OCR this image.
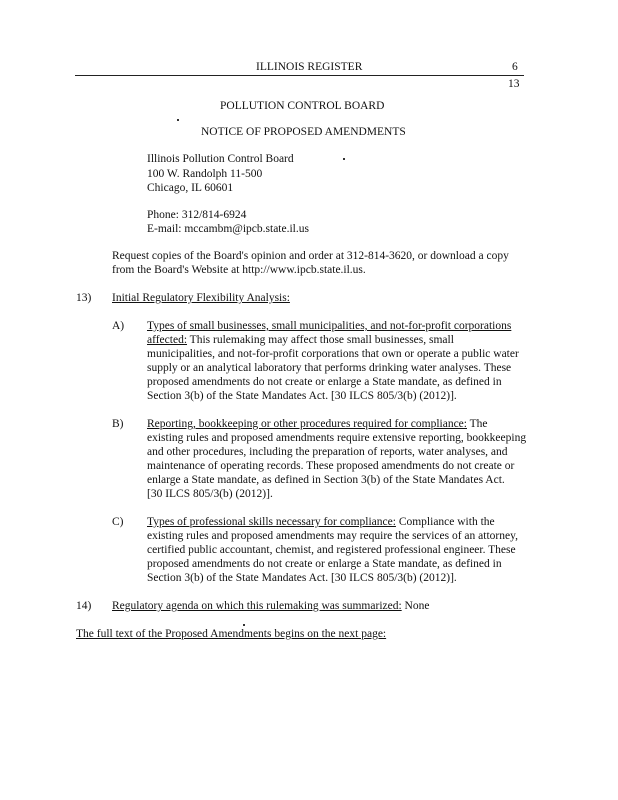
ILLINOIS REGISTER	6
13
POLLUTION CONTROL BOARD
NOTICE OF PROPOSED AMENDMENTS
Illinois Pollution Control Board
100 W. Randolph 11-500
Chicago, IL 60601
Phone: 312/814-6924
E-mail: mccambm@ipcb.state.il.us
Request copies of the Board's opinion and order at 312-814-3620, or download a copy
from the Board's Website at http://www.ipcb.state.il.us.
13) Initial Regulatory Flexibility Analysis:
A) Types of small businesses, small municipalities, and not-for-profit corporations
affected: This rulemaking may affect those small businesses, small
municipalities, and not-for-profit corporations that own or operate a public water
supply or an analytical laboratory that performs drinking water analyses. These
proposed amendments do not create or enlarge a State mandate, as defined in
Section 3(b) of the State Mandates Act. [30 ILCS 805/3(b) (2012)].
B) Reporting, bookkeeping or other procedures required for compliance: The
existing rules and proposed amendments require extensive reporting, bookkeeping
and other procedures, including the preparation of reports, water analyses, and
maintenance of operating records. These proposed amendments do not create or
enlarge a State mandate, as defined in Section 3(b) of the State Mandates Act.
[30 ILCS 805/3(b) (2012)].
C) Types of professional skills necessary for compliance: Compliance with the
existing rules and proposed amendments may require the services of an attorney,
certified public accountant, chemist, and registered professional engineer. These
proposed amendments do not create or enlarge a State mandate, as defined in
Section 3(b) of the State Mandates Act. [30 ILCS 805/3(b) (2012)].
14) Regulatory agenda on which this rulemaking was summarized: None
The full text of the Proposed Amendments begins on the next page:
